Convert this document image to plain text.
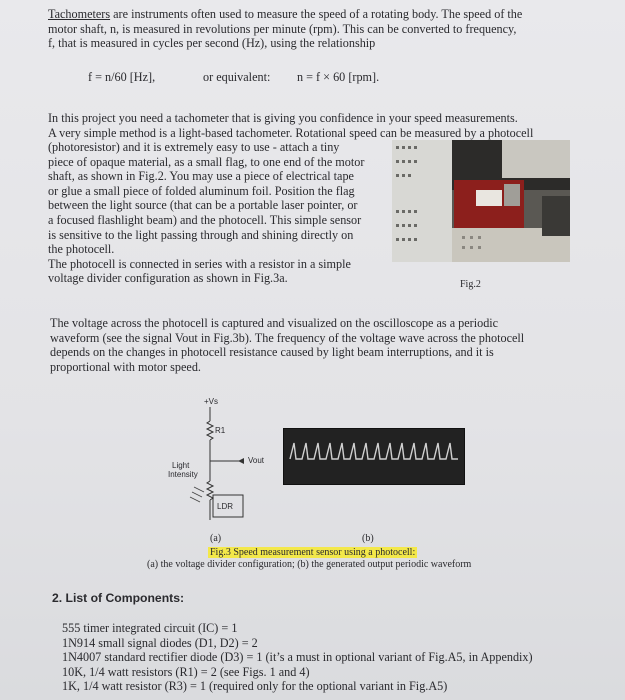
Tachometers are instruments often used to measure the speed of a rotating body. The speed of the
motor shaft, n, is measured in revolutions per minute (rpm). This can be converted to frequency,
f, that is measured in cycles per second (Hz), using the relationship
f = n/60 [Hz],	or equivalent: n = f × 60 [rpm].
In this project you need a tachometer that is giving you confidence in your speed measurements.
A very simple method is a light-based tachometer. Rotational speed can be measured by a photocell
(photoresistor) and it is extremely easy to use - attach a tiny
piece of opaque material, as a small flag, to one end of the motor
shaft, as shown in Fig.2. You may use a piece of electrical tape
or glue a small piece of folded aluminum foil. Position the flag
between the light source (that can be a portable laser pointer, or
a focused flashlight beam) and the photocell. This simple sensor
is sensitive to the light passing through and shining directly on
the photocell.
The photocell is connected in series with a resistor in a simple
voltage divider configuration as shown in Fig.3a.	Fig.2
The voltage across the photocell is captured and visualized on the oscilloscope as a periodic
waveform (see the signal Vout in Fig.3b). The frequency of the voltage wave across the photocell
depends on the changes in photocell resistance caused by light beam interruptions, and it is
proportional with motor speed.
+Vs
R1
Vout
Light
Intensity
LDR
(a)	(b)
Fig.3 Speed measurement sensor using a photocell:
(a) the voltage divider configuration; (b) the generated output periodic waveform
2. List of Components:
555 timer integrated circuit (IC) = 1
1N914 small signal diodes (D1, D2) = 2
1N4007 standard rectifier diode (D3) = 1 (it’s a must in optional variant of Fig.A5, in Appendix)
10K, 1/4 watt resistors (R1) = 2 (see Figs. 1 and 4)
1K, 1/4 watt resistor (R3) = 1 (required only for the optional variant in Fig.A5)
